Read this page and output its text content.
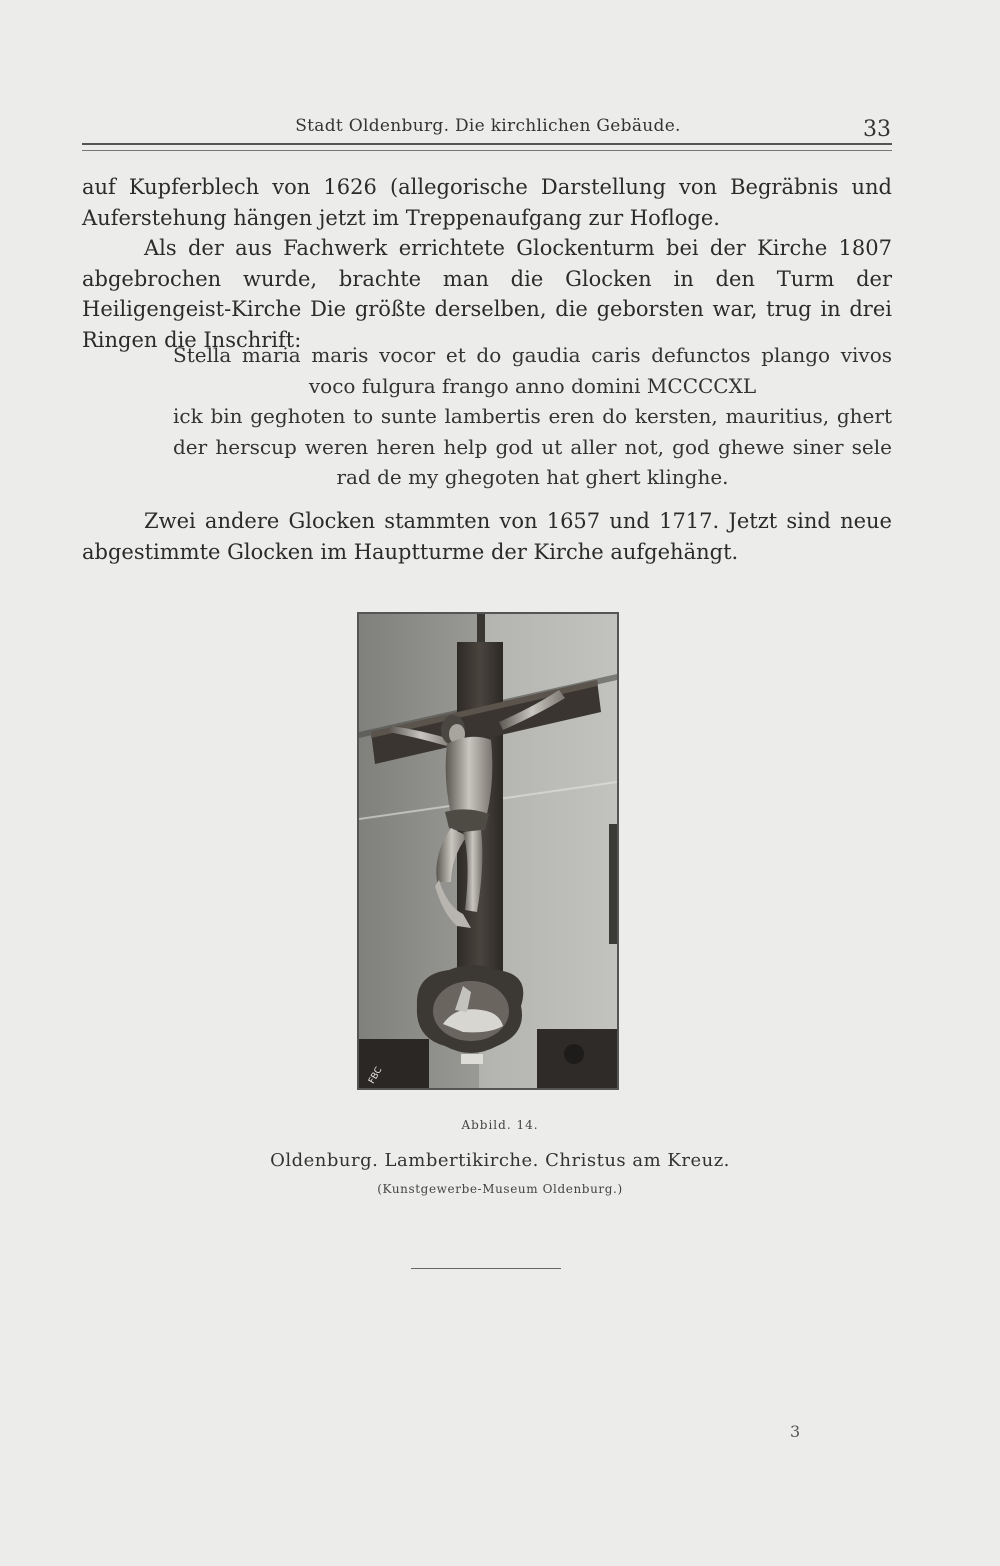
Stadt Oldenburg. Die kirchlichen Gebäude.	33

auf Kupferblech von 1626 (allegorische Darstellung von Begräbnis und Auferstehung hängen jetzt im Treppenaufgang zur Hofloge.

Als der aus Fachwerk errichtete Glockenturm bei der Kirche 1807 abgebrochen wurde, brachte man die Glocken in den Turm der Heiligengeist-Kirche Die größte derselben, die geborsten war, trug in drei Ringen die Inschrift:

Stella maria maris vocor et do gaudia caris defunctos plango vivos voco fulgura frango anno domini MCCCCXL

ick bin geghoten to sunte lambertis eren do kersten, mauritius, ghert der herscup weren heren help god ut aller not, god ghewe siner sele rad de my ghegoten hat ghert klinghe.

Zwei andere Glocken stammten von 1657 und 1717. Jetzt sind neue abgestimmte Glocken im Hauptturme der Kirche aufgehängt.

FBC
Abbild. 14.
Oldenburg. Lambertikirche. Christus am Kreuz.
(Kunstgewerbe-Museum Oldenburg.)
3
